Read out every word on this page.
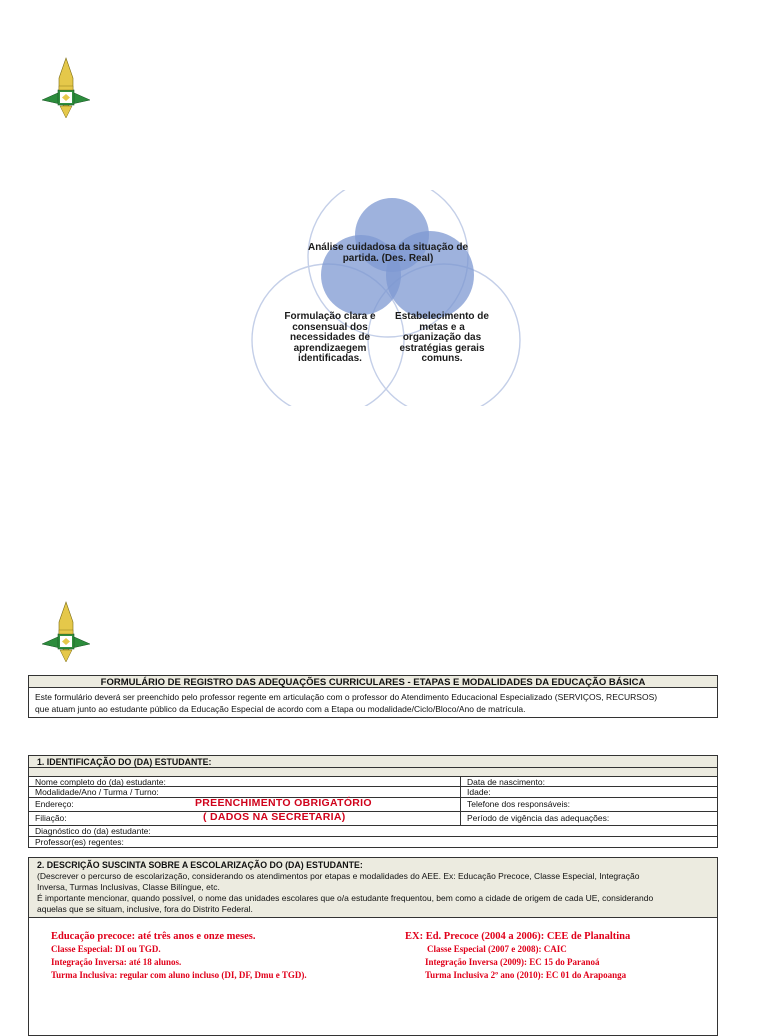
Análise cuidadosa da situação de partida. (Des. Real)
Formulação clara e consensual dos necessidades de aprendizaegem identificadas.
Estabelecimento de metas e a organização das estratégias gerais comuns.
FORMULÁRIO DE REGISTRO DAS ADEQUAÇÕES CURRICULARES - ETAPAS E MODALIDADES DA EDUCAÇÃO BÁSICA
Este formulário deverá ser preenchido pelo professor regente em articulação com o professor do Atendimento Educacional Especializado (SERVIÇOS, RECURSOS)
que atuam junto ao estudante público da Educação Especial de acordo com a Etapa ou modalidade/Ciclo/Bloco/Ano de matrícula.
1. IDENTIFICAÇÃO DO (DA) ESTUDANTE:
Nome completo do (da) estudante:	Data de nascimento:
Modalidade/Ano / Turma / Turno:	Idade:
Endereço:	PREENCHIMENTO OBRIGATÓRIO	Telefone dos responsáveis:
Filiação:	( DADOS NA SECRETARIA)	Período de vigência das adequações:
Diagnóstico do (da) estudante:
Professor(es) regentes:
2. DESCRIÇÃO SUSCINTA SOBRE A ESCOLARIZAÇÃO DO (DA) ESTUDANTE:
(Descrever o percurso de escolarização, considerando os atendimentos por etapas e modalidades do AEE. Ex: Educação Precoce, Classe Especial, Integração
Inversa, Turmas Inclusivas, Classe Bilíngue, etc.
É importante mencionar, quando possível, o nome das unidades escolares que o/a estudante frequentou, bem como a cidade de origem de cada UE, considerando
aquelas que se situam, inclusive, fora do Distrito Federal.
Educação precoce: até três anos e onze meses.
Classe Especial: DI ou TGD.
Integração Inversa: até 18 alunos.
Turma Inclusiva: regular com aluno incluso (DI, DF, Dmu e TGD).
EX: Ed. Precoce (2004 a 2006): CEE de Planaltina
Classe Especial (2007 e 2008): CAIC
Integração Inversa (2009): EC 15 do Paranoá
Turma Inclusiva 2º ano (2010): EC 01 do Arapoanga
